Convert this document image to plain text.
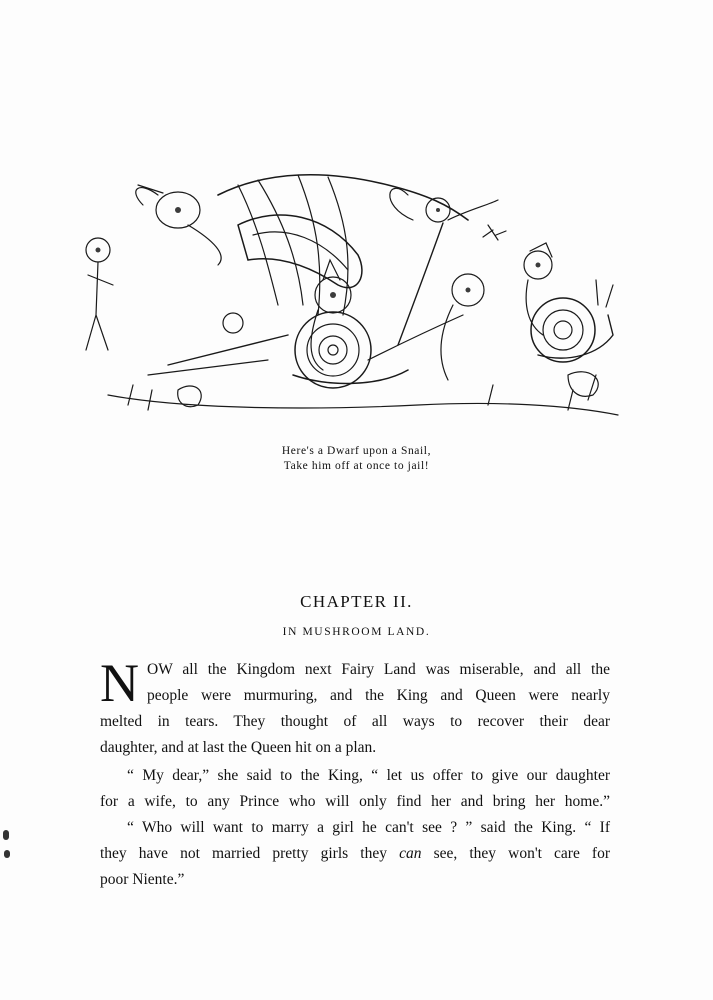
Here's a Dwarf upon a Snail,
Take him off at once to jail!
CHAPTER II.
IN MUSHROOM LAND.
N OW all the Kingdom next Fairy Land was miserable, and all the
people were murmuring, and the King and Queen were nearly
melted in tears. They thought of all ways to recover their dear
daughter, and at last the Queen hit on a plan.
“ My dear,” she said to the King, “ let us offer to give our daughter
for a wife, to any Prince who will only find her and bring her home.”
“ Who will want to marry a girl he can't see ? ” said the King. “ If
they have not married pretty girls they can see, they won't care for
poor Niente.”
